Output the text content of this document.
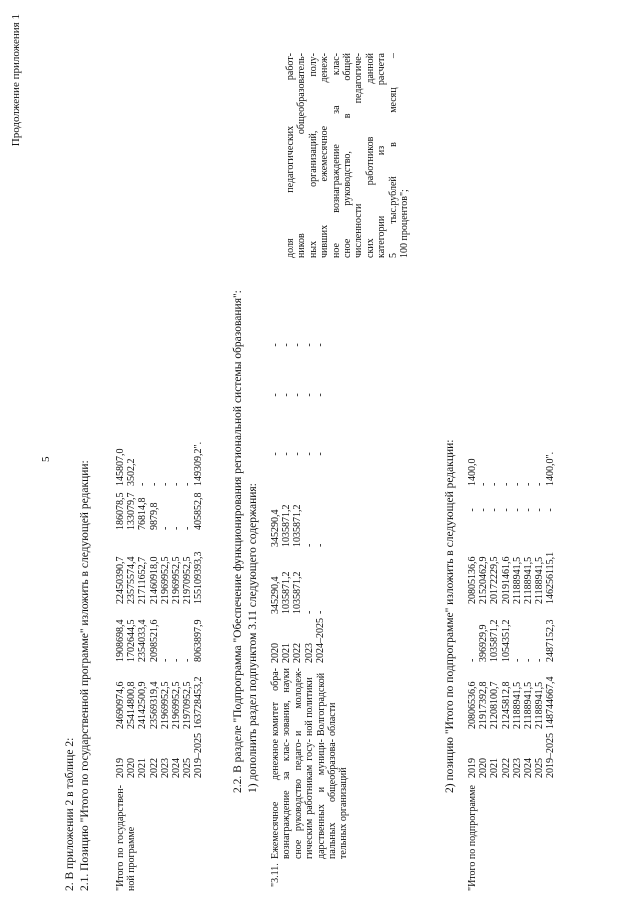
5
Продолжение приложения 1
2. В приложении 2 в таблице 2: 2.1. Позицию "Итого по государственной программе" изложить в следующей редакции: "Итого по государствен- ной программе
2019	24690974,6	1908698,4	22450390,7	186078,5	145807,0
2020	25414800,8	1702644,5	23575574,4	133079,7	3502,2
2021	24142500,9	2354033,4	21711652,7	76814,8	-
2022	23569319,4	2098521,6	21460918,0	9879,8	-
2023	21969952,5	-	21969952,5	-	-
2024	21969952,5	-	21969952,5	-	-
2025	21970952,5	-	21970952,5	-	-
2019–2025	163728453,2	8063897,9	155109393,3	405852,8	149309,2". 2.2. В разделе "Подпрограмма "Обеспечение функционирования региональной системы образования": 1) дополнить раздел подпунктом 3.11 следующего содержания:
"3.11.
Ежемесячное денежное вознаграждение за клас- сное руководство педаго- гическим работникам госу- дарственных и муници- пальных общеобразова- тельных организаций
комитет обра- зования, науки и молодеж- ной политики Волгоградской области
2020	345290,4	345290,4	-	-	-
2021	1035871,2	1035871,2	-	-	-
2022	1035871,2	1035871,2	-	-	-
2023	-	-	-	-	-
2024–2025	-	-	-	-	-
доля педагогических работ- ников общеобразователь- ных организаций, полу- чивших ежемесячное денеж- ное вознаграждение за клас- сное руководство, в общей численности педагогиче- ских работников данной категории из расчета 5 тыс.рублей в месяц – 100 процентов";
2) позицию "Итого по подпрограмме" изложить в следующей редакции:
"Итого по подпрограмме
2019	20806536,6	-	20805136,6	-	1400,0
2020	21917392,8	396929,9	21520462,9	-	-
2021	21208100,7	1035871,2	20172229,5	-	-
2022	21245812,8	1054351,2	20191461,6	-	-
2023	21188941,5	-	21188941,5	-	-
2024	21188941,5	-	21188941,5	-	-
2025	21188941,5	-	21188941,5	-	-
2019–2025	148744667,4	2487152,3	146256115,1	-	1400,0".
